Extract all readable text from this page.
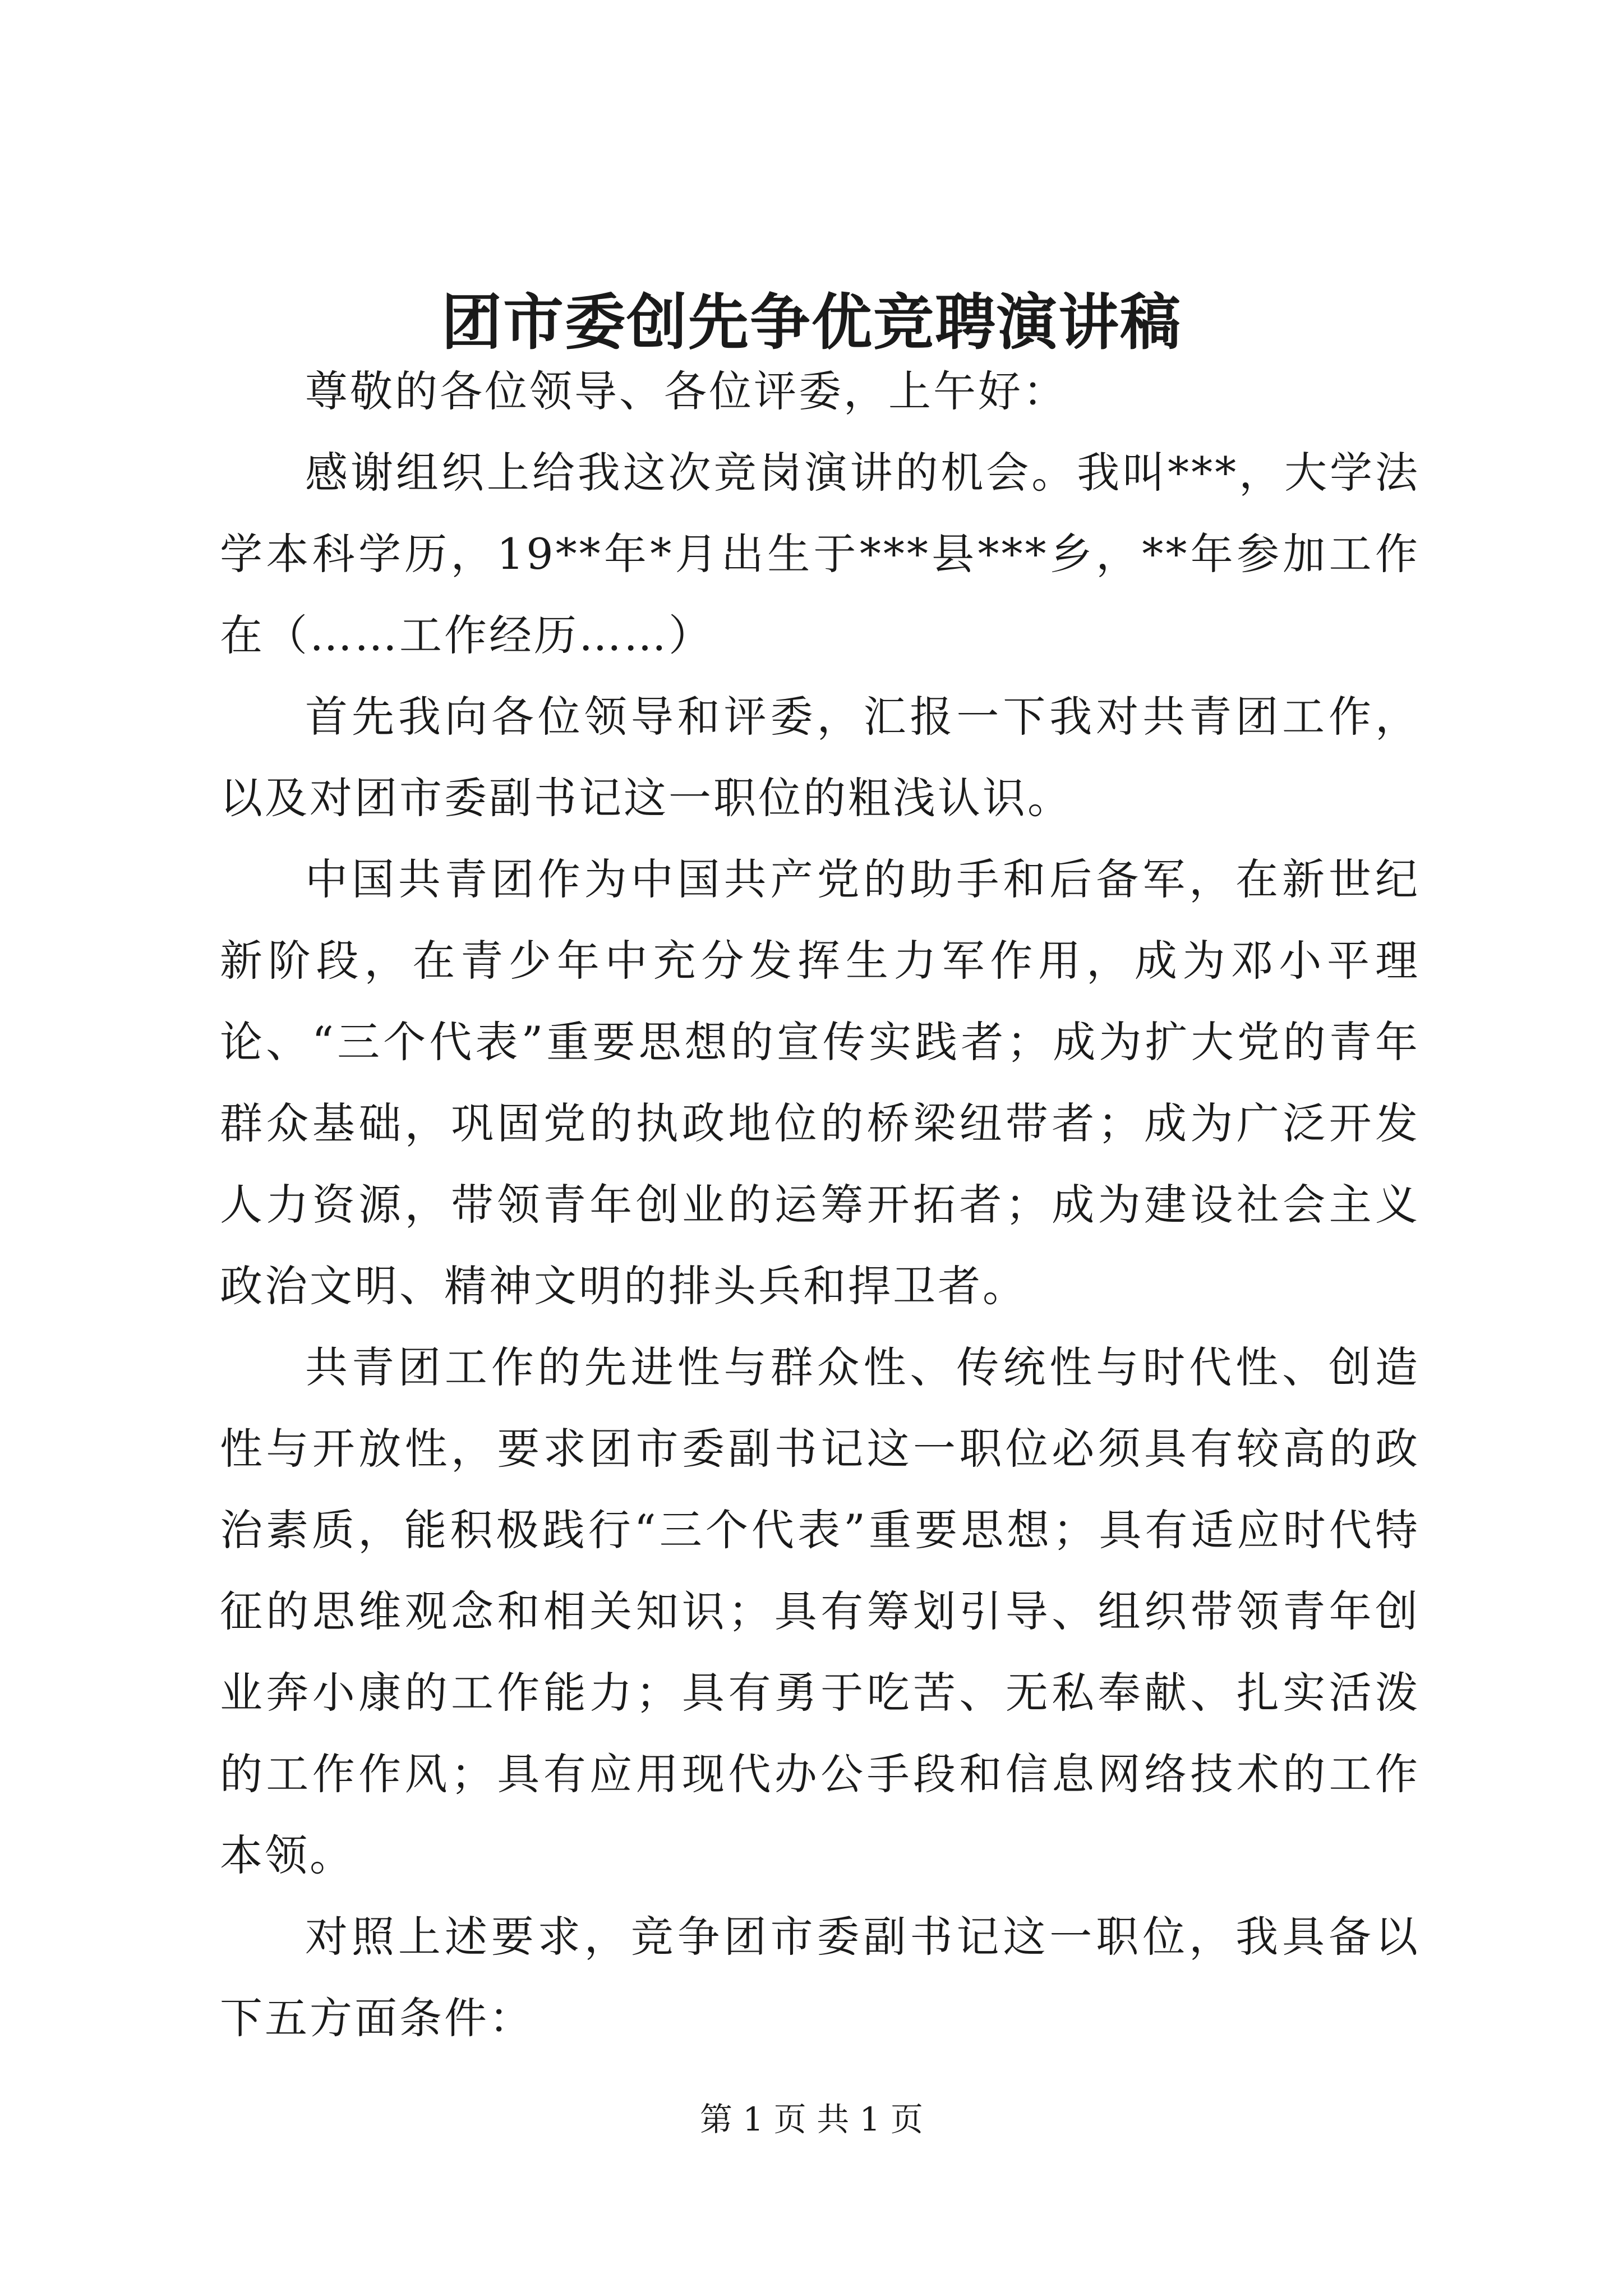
团市委创先争优竞聘演讲稿

尊敬的各位领导、各位评委，上午好：

感谢组织上给我这次竞岗演讲的机会。我叫***，大学法学本科学历，19**年*月出生于***县***乡，**年参加工作在（……工作经历……）

首先我向各位领导和评委，汇报一下我对共青团工作，以及对团市委副书记这一职位的粗浅认识。

中国共青团作为中国共产党的助手和后备军，在新世纪新阶段，在青少年中充分发挥生力军作用，成为邓小平理论、“三个代表”重要思想的宣传实践者；成为扩大党的青年群众基础，巩固党的执政地位的桥梁纽带者；成为广泛开发人力资源，带领青年创业的运筹开拓者；成为建设社会主义政治文明、精神文明的排头兵和捍卫者。

共青团工作的先进性与群众性、传统性与时代性、创造性与开放性，要求团市委副书记这一职位必须具有较高的政治素质，能积极践行“三个代表”重要思想；具有适应时代特征的思维观念和相关知识；具有筹划引导、组织带领青年创业奔小康的工作能力；具有勇于吃苦、无私奉献、扎实活泼的工作作风；具有应用现代办公手段和信息网络技术的工作本领。

对照上述要求，竞争团市委副书记这一职位，我具备以下五方面条件：

第 1 页 共 1 页
